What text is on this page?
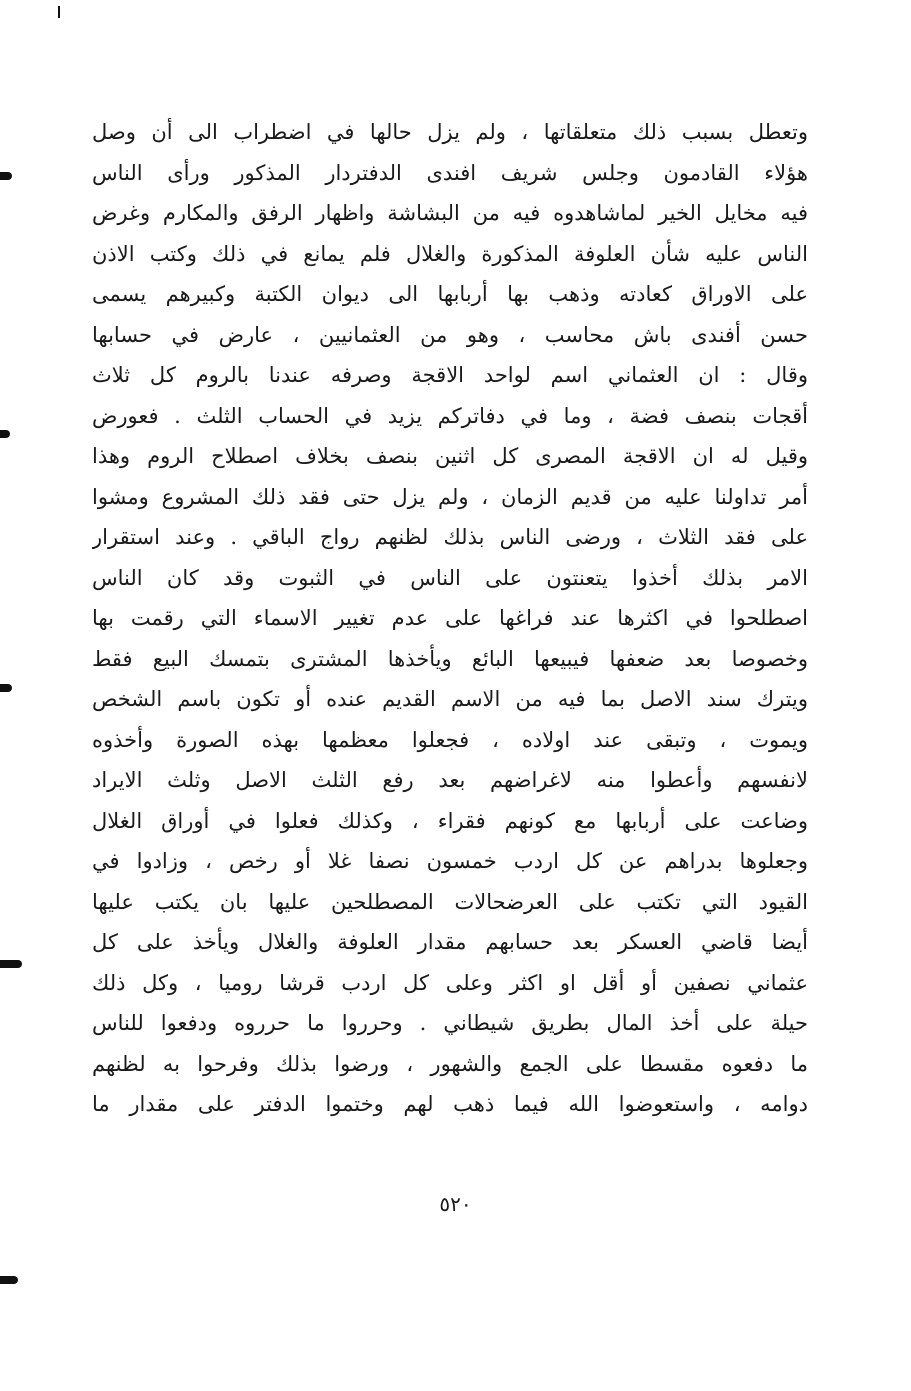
وتعطل بسبب ذلك متعلقاتها ، ولم يزل حالها في اضطراب الى أن وصل
هؤلاء القادمون وجلس شريف افندى الدفتردار المذكور ورأى الناس
فيه مخايل الخير لماشاهدوه فيه من البشاشة واظهار الرفق والمكارم وغرض
الناس عليه شأن العلوفة المذكورة والغلال فلم يمانع في ذلك وكتب الاذن
على الاوراق كعادته وذهب بها أربابها الى ديوان الكتبة وكبيرهم يسمى
حسن أفندى باش محاسب ، وهو من العثمانيين ، عارض في حسابها
وقال : ان العثماني اسم لواحد الاقجة وصرفه عندنا بالروم كل ثلاث
أقجات بنصف فضة ، وما في دفاتركم يزيد في الحساب الثلث . فعورض
وقيل له ان الاقجة المصرى كل اثنين بنصف بخلاف اصطلاح الروم وهذا
أمر تداولنا عليه من قديم الزمان ، ولم يزل حتى فقد ذلك المشروع ومشوا
على فقد الثلاث ، ورضى الناس بذلك لظنهم رواج الباقي . وعند استقرار
الامر بذلك أخذوا يتعنتون على الناس في الثبوت وقد كان الناس
اصطلحوا في اكثرها عند فراغها على عدم تغيير الاسماء التي رقمت بها
وخصوصا بعد ضعفها فيبيعها البائع ويأخذها المشترى بتمسك البيع فقط
ويترك سند الاصل بما فيه من الاسم القديم عنده أو تكون باسم الشخص
ويموت ، وتبقى عند اولاده ، فجعلوا معظمها بهذه الصورة وأخذوه
لانفسهم وأعطوا منه لاغراضهم بعد رفع الثلث الاصل وثلث الايراد
وضاعت على أربابها مع كونهم فقراء ، وكذلك فعلوا في أوراق الغلال
وجعلوها بدراهم عن كل اردب خمسون نصفا غلا أو رخص ، وزادوا في
القيود التي تكتب على العرضحالات المصطلحين عليها بان يكتب عليها
أيضا قاضي العسكر بعد حسابهم مقدار العلوفة والغلال ويأخذ على كل
عثماني نصفين أو أقل او اكثر وعلى كل اردب قرشا روميا ، وكل ذلك
حيلة على أخذ المال بطريق شيطاني . وحرروا ما حرروه ودفعوا للناس
ما دفعوه مقسطا على الجمع والشهور ، ورضوا بذلك وفرحوا به لظنهم
دوامه ، واستعوضوا الله فيما ذهب لهم وختموا الدفتر على مقدار ما
٥٢٠
